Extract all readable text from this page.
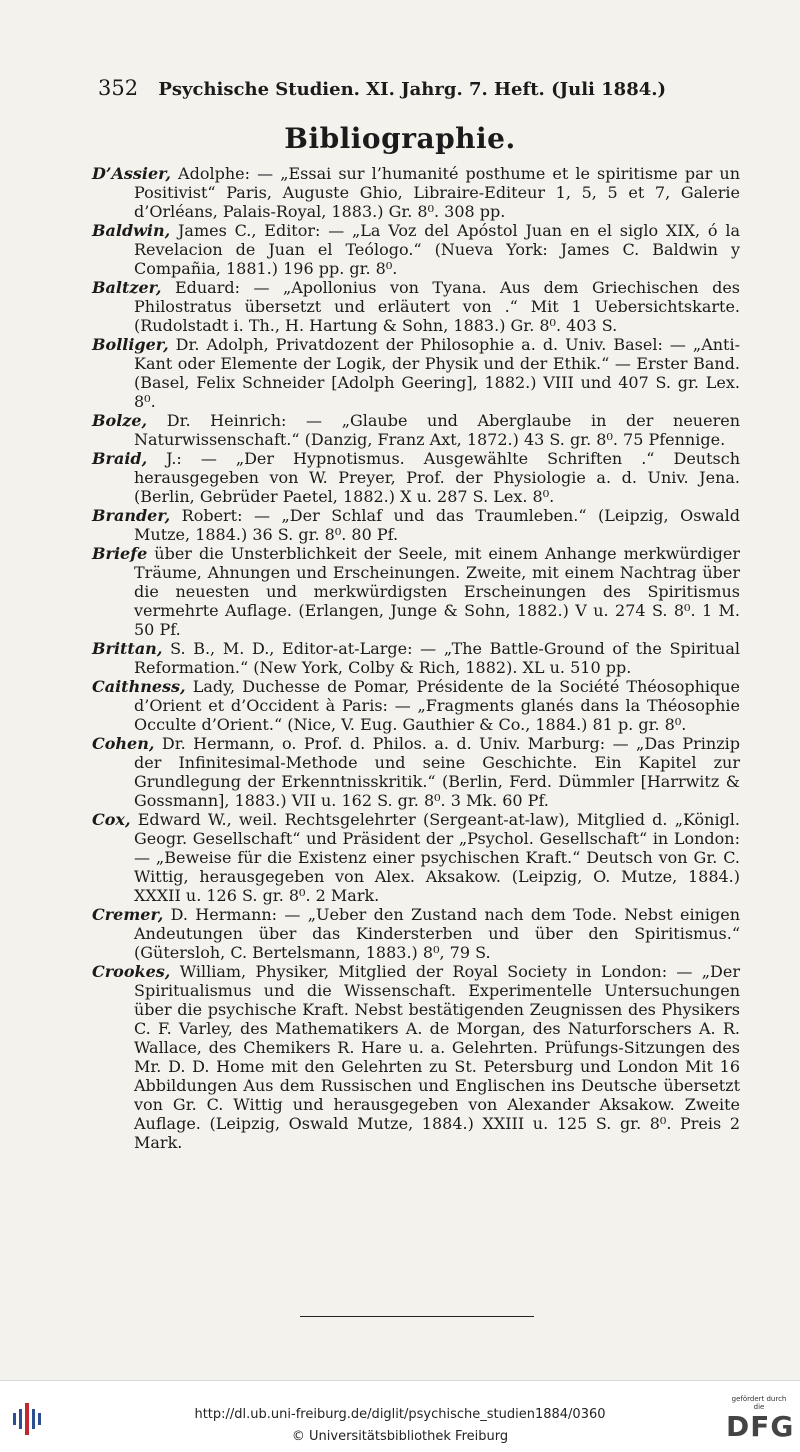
352 Psychische Studien. XI. Jahrg. 7. Heft. (Juli 1884.)
Bibliographie.

D’Assier, Adolphe: — „Essai sur l’humanité posthume et le spiritisme par un Positivist“ Paris, Auguste Ghio, Libraire-Editeur 1, 5, 5 et 7, Galerie d’Orléans, Palais-Royal, 1883.) Gr. 8⁰. 308 pp.

Baldwin, James C., Editor: — „La Voz del Apóstol Juan en el siglo XIX, ó la Revelacion de Juan el Teólogo.“ (Nueva York: James C. Baldwin y Compañia, 1881.) 196 pp. gr. 8⁰.

Baltzer, Eduard: — „Apollonius von Tyana. Aus dem Griechischen des Philostratus übersetzt und erläutert von .“ Mit 1 Uebersichtskarte. (Rudolstadt i. Th., H. Hartung & Sohn, 1883.) Gr. 8⁰. 403 S.

Bolliger, Dr. Adolph, Privatdozent der Philosophie a. d. Univ. Basel: — „Anti-Kant oder Elemente der Logik, der Physik und der Ethik.“ — Erster Band. (Basel, Felix Schneider [Adolph Geering], 1882.) VIII und 407 S. gr. Lex. 8⁰.

Bolze, Dr. Heinrich: — „Glaube und Aberglaube in der neueren Naturwissenschaft.“ (Danzig, Franz Axt, 1872.) 43 S. gr. 8⁰. 75 Pfennige.

Braid, J.: — „Der Hypnotismus. Ausgewählte Schriften .“ Deutsch herausgegeben von W. Preyer, Prof. der Physiologie a. d. Univ. Jena. (Berlin, Gebrüder Paetel, 1882.) X u. 287 S. Lex. 8⁰.

Brander, Robert: — „Der Schlaf und das Traumleben.“ (Leipzig, Oswald Mutze, 1884.) 36 S. gr. 8⁰. 80 Pf.

Briefe über die Unsterblichkeit der Seele, mit einem Anhange merkwürdiger Träume, Ahnungen und Erscheinungen. Zweite, mit einem Nachtrag über die neuesten und merkwürdigsten Erscheinungen des Spiritismus vermehrte Auflage. (Erlangen, Junge & Sohn, 1882.) V u. 274 S. 8⁰. 1 M. 50 Pf.

Brittan, S. B., M. D., Editor-at-Large: — „The Battle-Ground of the Spiritual Reformation.“ (New York, Colby & Rich, 1882). XL u. 510 pp.

Caithness, Lady, Duchesse de Pomar, Présidente de la Société Théosophique d’Orient et d’Occident à Paris: — „Fragments glanés dans la Théosophie Occulte d’Orient.“ (Nice, V. Eug. Gauthier & Co., 1884.) 81 p. gr. 8⁰.

Cohen, Dr. Hermann, o. Prof. d. Philos. a. d. Univ. Marburg: — „Das Prinzip der Infinitesimal-Methode und seine Geschichte. Ein Kapitel zur Grundlegung der Erkenntnisskritik.“ (Berlin, Ferd. Dümmler [Harrwitz & Gossmann], 1883.) VII u. 162 S. gr. 8⁰. 3 Mk. 60 Pf.

Cox, Edward W., weil. Rechtsgelehrter (Sergeant-at-law), Mitglied d. „Königl. Geogr. Gesellschaft“ und Präsident der „Psychol. Gesellschaft“ in London: — „Beweise für die Existenz einer psychischen Kraft.“ Deutsch von Gr. C. Wittig, herausgegeben von Alex. Aksakow. (Leipzig, O. Mutze, 1884.) XXXII u. 126 S. gr. 8⁰. 2 Mark.

Cremer, D. Hermann: — „Ueber den Zustand nach dem Tode. Nebst einigen Andeutungen über das Kindersterben und über den Spiritismus.“ (Gütersloh, C. Bertelsmann, 1883.) 8⁰, 79 S.

Crookes, William, Physiker, Mitglied der Royal Society in London: — „Der Spiritualismus und die Wissenschaft. Experimentelle Untersuchungen über die psychische Kraft. Nebst bestätigenden Zeugnissen des Physikers C. F. Varley, des Mathematikers A. de Morgan, des Naturforschers A. R. Wallace, des Chemikers R. Hare u. a. Gelehrten. Prüfungs-Sitzungen des Mr. D. D. Home mit den Gelehrten zu St. Petersburg und London Mit 16 Abbildungen Aus dem Russischen und Englischen ins Deutsche übersetzt von Gr. C. Wittig und herausgegeben von Alexander Aksakow. Zweite Auflage. (Leipzig, Oswald Mutze, 1884.) XXIII u. 125 S. gr. 8⁰. Preis 2 Mark.

http://dl.ub.uni-freiburg.de/diglit/psychische_studien1884/0360
© Universitätsbibliothek Freiburg
gefördert durch die
DFG
